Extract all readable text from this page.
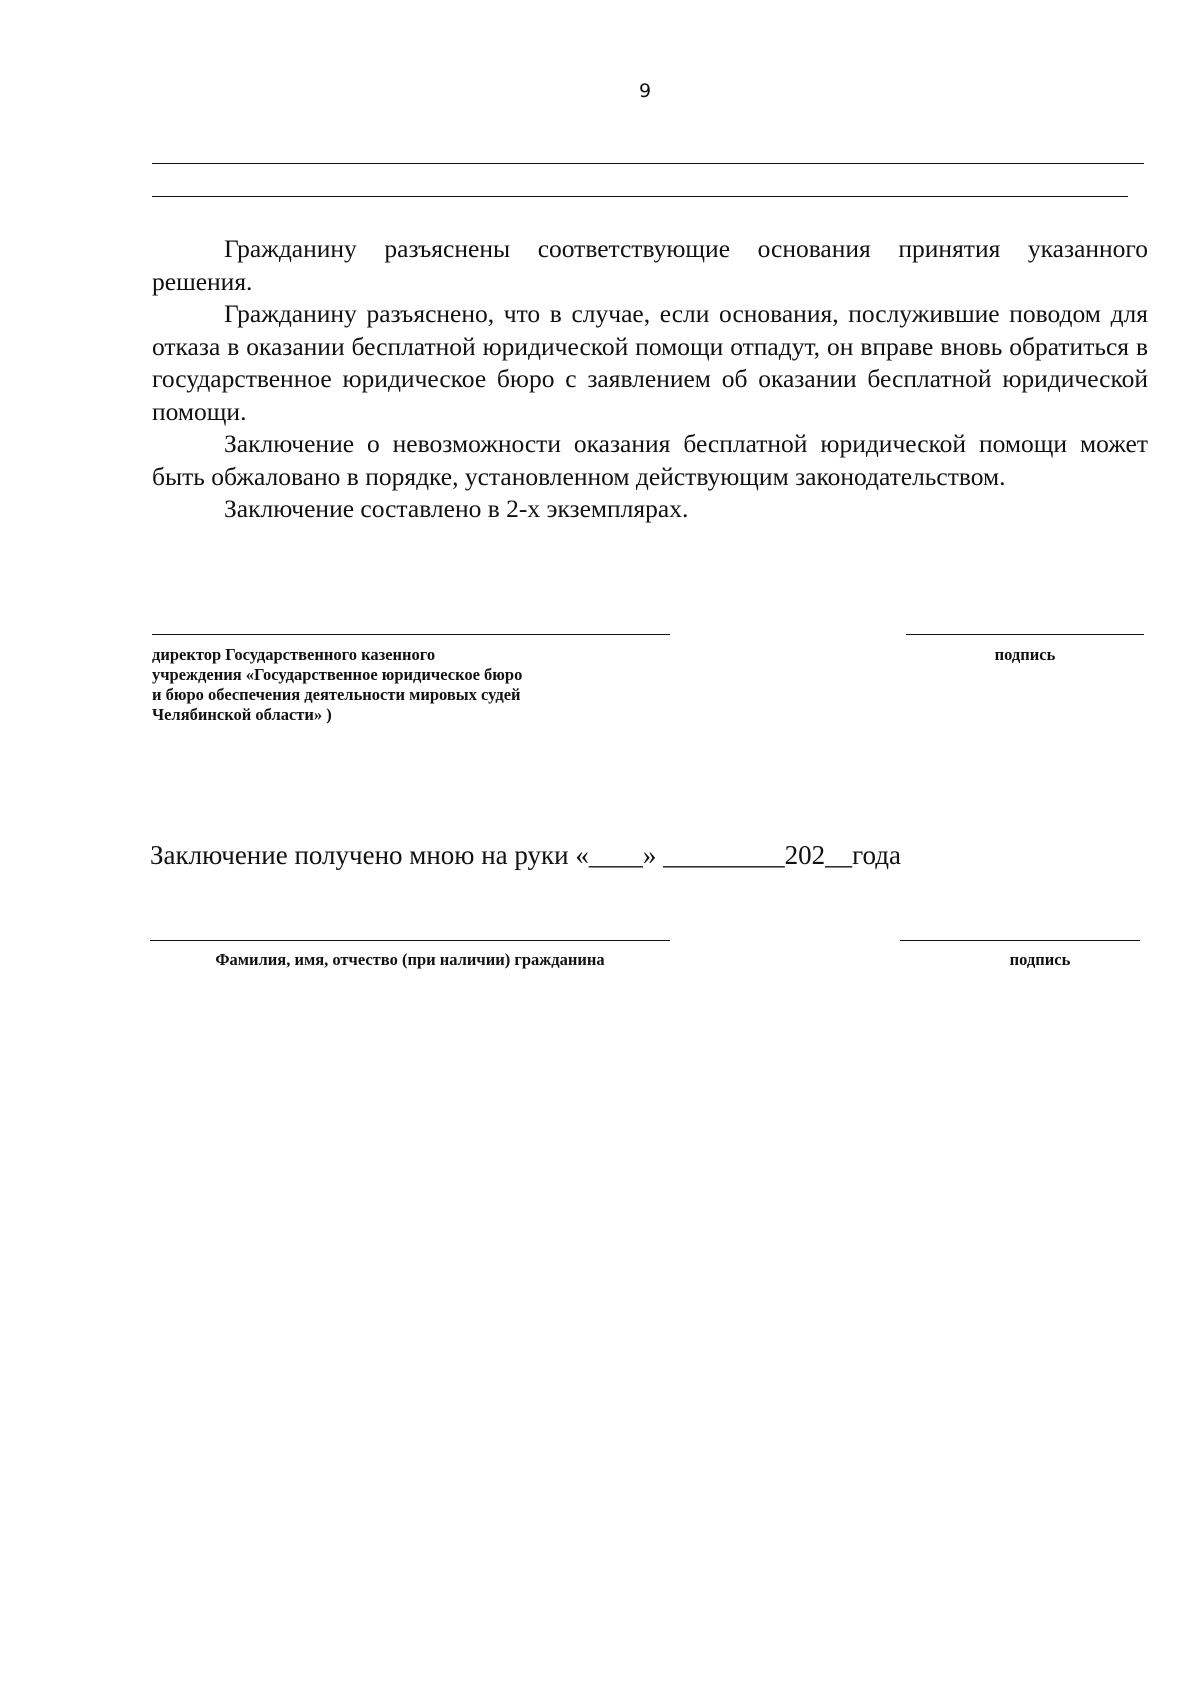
9

Гражданину разъяснены соответствующие основания принятия указанного решения.

Гражданину разъяснено, что в случае, если основания, послужившие поводом для отказа в оказании бесплатной юридической помощи отпадут, он вправе вновь обратиться в государственное юридическое бюро с заявлением об оказании бесплатной юридической помощи.

Заключение о невозможности оказания бесплатной юридической помощи может быть обжаловано в порядке, установленном действующим законодательством.

Заключение составлено в 2-х экземплярах.

директор Государственного казенного
учреждения «Государственное юридическое бюро
и бюро обеспечения деятельности мировых судей
Челябинской области» )
подпись
Заключение получено мною на руки «____» _________202__года
Фамилия, имя, отчество (при наличии) гражданина	подпись
